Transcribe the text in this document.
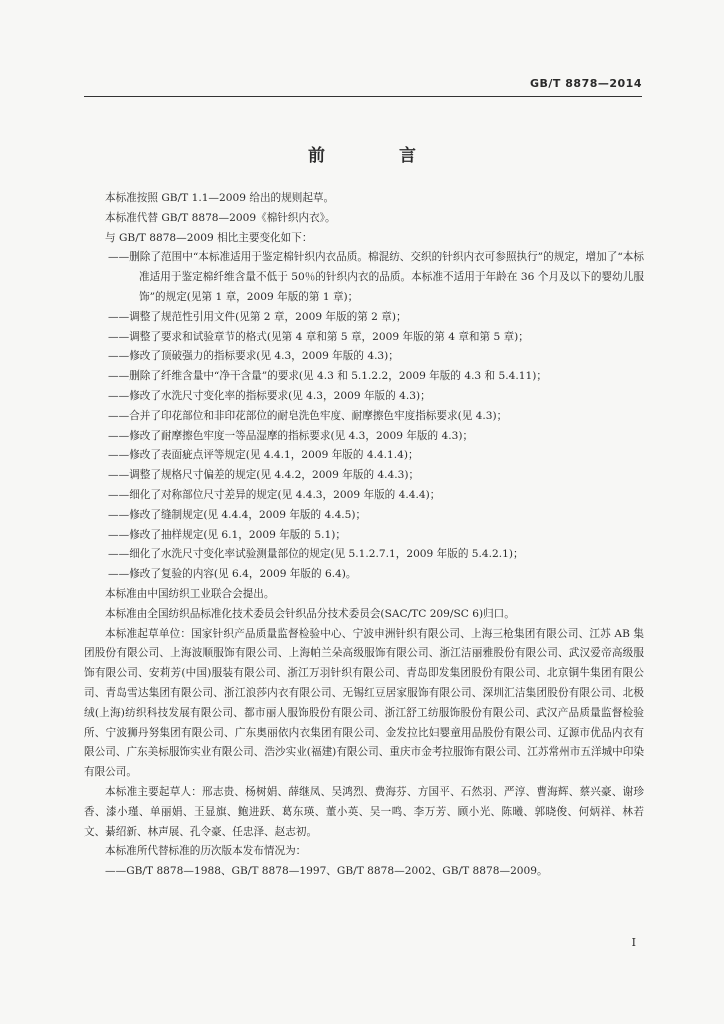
GB/T 8878—2014
前 言

本标准按照 GB/T 1.1—2009 给出的规则起草。

本标准代替 GB/T 8878—2009《棉针织内衣》。

与 GB/T 8878—2009 相比主要变化如下：

——删除了范围中“本标准适用于鉴定棉针织内衣品质。棉混纺、交织的针织内衣可参照执行”的规定，增加了“本标准适用于鉴定棉纤维含量不低于 50％的针织内衣的品质。本标准不适用于年龄在 36 个月及以下的婴幼儿服饰”的规定(见第 1 章，2009 年版的第 1 章)；

——调整了规范性引用文件(见第 2 章，2009 年版的第 2 章)；

——调整了要求和试验章节的格式(见第 4 章和第 5 章，2009 年版的第 4 章和第 5 章)；

——修改了顶破强力的指标要求(见 4.3，2009 年版的 4.3)；

——删除了纤维含量中“净干含量”的要求(见 4.3 和 5.1.2.2，2009 年版的 4.3 和 5.4.11)；

——修改了水洗尺寸变化率的指标要求(见 4.3，2009 年版的 4.3)；

——合并了印花部位和非印花部位的耐皂洗色牢度、耐摩擦色牢度指标要求(见 4.3)；

——修改了耐摩擦色牢度一等品湿摩的指标要求(见 4.3，2009 年版的 4.3)；

——修改了表面疵点评等规定(见 4.4.1，2009 年版的 4.4.1.4)；

——调整了规格尺寸偏差的规定(见 4.4.2，2009 年版的 4.4.3)；

——细化了对称部位尺寸差异的规定(见 4.4.3，2009 年版的 4.4.4)；

——修改了缝制规定(见 4.4.4，2009 年版的 4.4.5)；

——修改了抽样规定(见 6.1，2009 年版的 5.1)；

——细化了水洗尺寸变化率试验测量部位的规定(见 5.1.2.7.1，2009 年版的 5.4.2.1)；

——修改了复验的内容(见 6.4，2009 年版的 6.4)。

本标准由中国纺织工业联合会提出。

本标准由全国纺织品标准化技术委员会针织品分技术委员会(SAC/TC 209/SC 6)归口。

本标准起草单位：国家针织产品质量监督检验中心、宁波申洲针织有限公司、上海三枪集团有限公司、江苏 AB 集团股份有限公司、上海波顺服饰有限公司、上海帕兰朵高级服饰有限公司、浙江洁丽雅股份有限公司、武汉爱帝高级服饰有限公司、安莉芳(中国)服装有限公司、浙江万羽针织有限公司、青岛即发集团股份有限公司、北京铜牛集团有限公司、青岛雪达集团有限公司、浙江浪莎内衣有限公司、无锡红豆居家服饰有限公司、深圳汇洁集团股份有限公司、北极绒(上海)纺织科技发展有限公司、都市丽人服饰股份有限公司、浙江舒工纺服饰股份有限公司、武汉产品质量监督检验所、宁波狮丹努集团有限公司、广东奥丽依内衣集团有限公司、金发拉比妇婴童用品股份有限公司、辽源市优品内衣有限公司、广东美标服饰实业有限公司、浩沙实业(福建)有限公司、重庆市金考拉服饰有限公司、江苏常州市五洋城中印染有限公司。

本标准主要起草人：邢志贵、杨树娟、薛继凤、吴鸿烈、费海芬、方国平、石然羽、严淳、曹海辉、蔡兴豪、谢珍香、漆小瑾、单丽娟、王显旗、鲍进跃、葛东瑛、董小英、吴一鸣、李万芳、顾小光、陈曦、郭晓俊、何炳祥、林若文、綦绍新、林声展、孔令豪、任忠泽、赵志初。

本标准所代替标准的历次版本发布情况为：

——GB/T 8878—1988、GB/T 8878—1997、GB/T 8878—2002、GB/T 8878—2009。

I
